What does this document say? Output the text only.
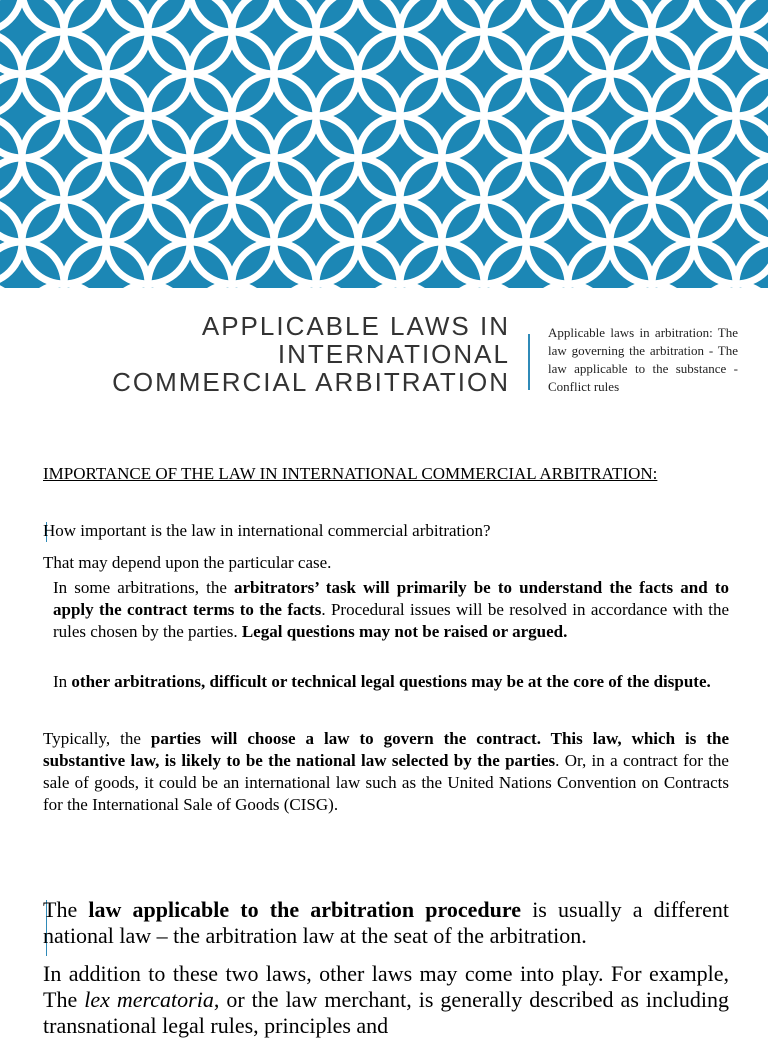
APPLICABLE LAWS IN
INTERNATIONAL
COMMERCIAL ARBITRATION
Applicable laws in arbitration: The law governing the arbitration - The law applicable to the substance - Conflict rules

IMPORTANCE OF THE LAW IN INTERNATIONAL COMMERCIAL ARBITRATION:

How important is the law in international commercial arbitration?

That may depend upon the particular case.

In some arbitrations, the arbitrators’ task will primarily be to understand the facts and to apply the contract terms to the facts. Procedural issues will be resolved in accordance with the rules chosen by the parties. Legal questions may not be raised or argued.

In other arbitrations, difficult or technical legal questions may be at the core of the dispute.

Typically, the parties will choose a law to govern the contract. This law, which is the substantive law, is likely to be the national law selected by the parties. Or, in a contract for the sale of goods, it could be an international law such as the United Nations Convention on Contracts for the International Sale of Goods (CISG).

The law applicable to the arbitration procedure is usually a different national law – the arbitration law at the seat of the arbitration.

In addition to these two laws, other laws may come into play. For example, The lex mercatoria, or the law merchant, is generally described as including transnational legal rules, principles and
